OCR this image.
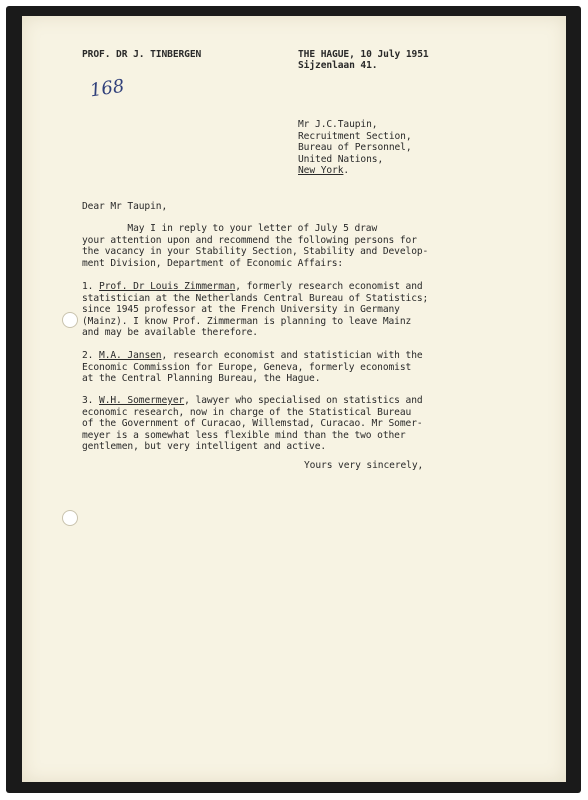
PROF. DR J. TINBERGEN	THE HAGUE, 10 July 1951

Sijzenlaan 41.

168

Mr J.C.Taupin,

Recruitment Section,

Bureau of Personnel,

United Nations,

New York.

Dear Mr Taupin,

May I in reply to your letter of July 5 draw

your attention upon and recommend the following persons for

the vacancy in your Stability Section, Stability and Develop-

ment Division, Department of Economic Affairs:

1. Prof. Dr Louis Zimmerman, formerly research economist and

statistician at the Netherlands Central Bureau of Statistics;

since 1945 professor at the French University in Germany

(Mainz). I know Prof. Zimmerman is planning to leave Mainz

and may be available therefore.

2. M.A. Jansen, research economist and statistician with the

Economic Commission for Europe, Geneva, formerly economist

at the Central Planning Bureau, the Hague.

3. W.H. Somermeyer, lawyer who specialised on statistics and

economic research, now in charge of the Statistical Bureau

of the Government of Curacao, Willemstad, Curacao. Mr Somer-

meyer is a somewhat less flexible mind than the two other

gentlemen, but very intelligent and active.

Yours very sincerely,
